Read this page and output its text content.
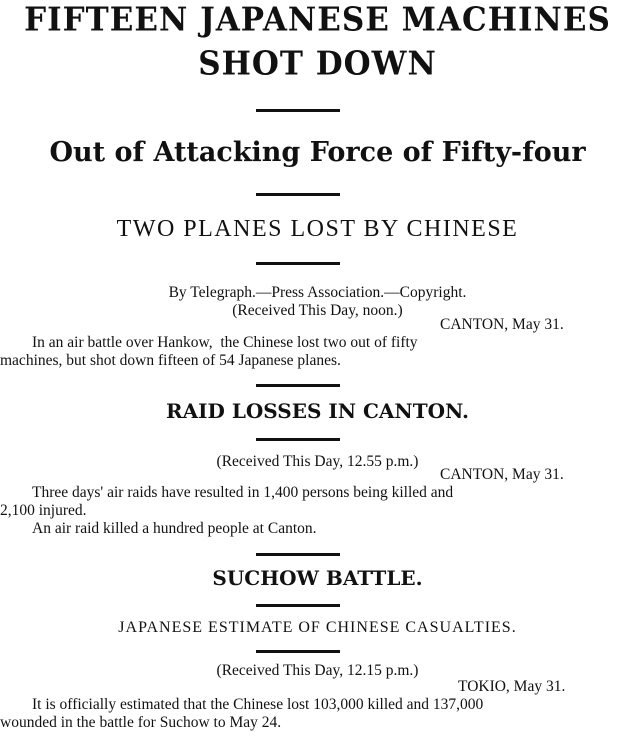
FIFTEEN JAPANESE MACHINES
SHOT DOWN
Out of Attacking Force of Fifty-four
TWO PLANES LOST BY CHINESE
By Telegraph.—Press Association.—Copyright.
(Received This Day, noon.)
CANTON, May 31.
In an air battle over Hankow,  the Chinese lost two out of fifty
machines, but shot down fifteen of 54 Japanese planes.
RAID LOSSES IN CANTON.
(Received This Day, 12.55 p.m.)
CANTON, May 31.
Three days' air raids have resulted in 1,400 persons being killed and
2,100 injured.
An air raid killed a hundred people at Canton.
SUCHOW BATTLE.
JAPANESE ESTIMATE OF CHINESE CASUALTIES.
(Received This Day, 12.15 p.m.)
TOKIO, May 31.
It is officially estimated that the Chinese lost 103,000 killed and 137,000
wounded in the battle for Suchow to May 24.
